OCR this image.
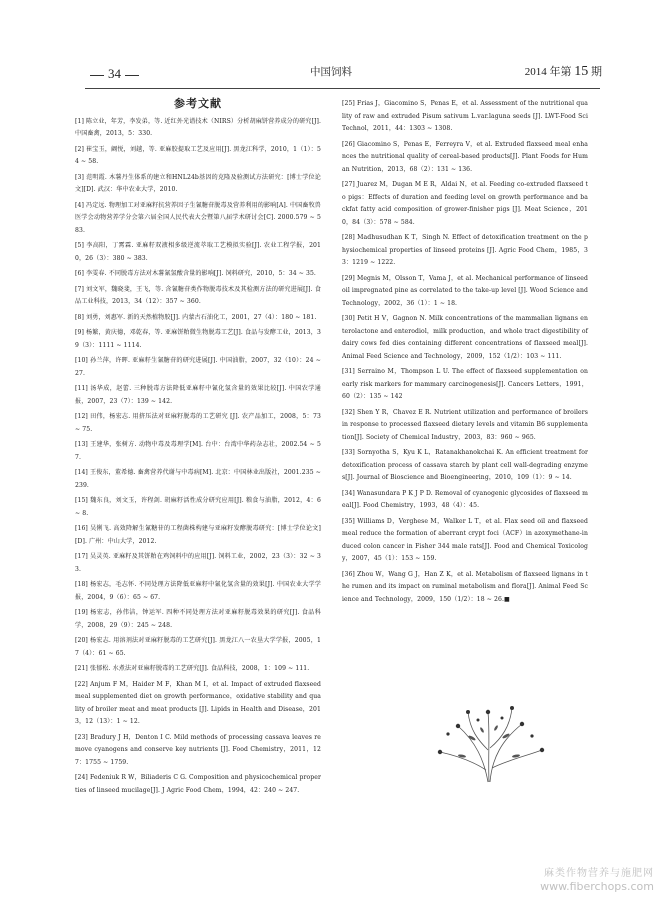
34	中国饲料	2014 年第 15 期
参考文献

[1] 陈立业，年芳，李发弟，等. 近红外光谱技术（NIRS）分析胡麻饼营养成分的研究[J]. 中国畜禽，2013，5：330.

[2] 崔宝玉，阚悦，刘越，等. 亚麻胶提取工艺及应用[J]. 黑龙江科学，2010，1（1）：54 ~ 58.

[3] 范明霞. 木薯丹生体系的建立和HNL24b基因的克隆及验测试方法研究：[博士学位论文][D]. 武汉：华中农业大学，2010.

[4] 冯定远. 物理加工对亚麻籽抗营养因子生氰糖苷脱毒及营养利用的影响[A]. 中国畜牧兽医学会动物营养学分会第六届全国人民代表大会暨第八届学术研讨会[C]. 2000.579 ~ 583.

[5] 李高阳，丁霄霖. 亚麻籽双液相多级逆流萃取工艺模拟实验[J]. 农业工程学报，2010，26（3）：380 ~ 383.

[6] 李雯春. 不同脱毒方法对木薯氰氢酸含量的影响[J]. 饲料研究，2010，5：34 ~ 35.

[7] 刘文军，魏晓斐，王飞，等. 含氰糖苷类作物脱毒技术及其检测方法的研究进展[J]. 食品工业科技，2013，34（12）：357 ~ 360.

[8] 刘勇，刘惠军. 新的天然植物胶[J]. 内蒙古石油化工，2001，27（4）：180 ~ 181.

[9] 杨繁，黄庆德，邓乾春，等. 亚麻饼粕微生物脱毒工艺[J]. 食品与发酵工业，2013，39（3）：1111 ~ 1114.

[10] 孙兰萍，许晖. 亚麻籽生氰糖苷的研究进展[J]. 中国油脂，2007，32（10）：24 ~ 27.

[11] 汤华成，赵蕾. 三种脱毒方法降低亚麻籽中氰化氢含量的效果比较[J]. 中国农学通报，2007，23（7）：139 ~ 142.

[12] 田伟，杨宏志. 用挤压法对亚麻籽脱毒的工艺研究 [J]. 农产品加工，2008，5：73 ~ 75.

[13] 王建华，张树方. 动物中毒及毒理学[M]. 台中：台湾中华药杂志社，2002.54 ~ 57.

[14] 王俊东，董希德. 畜禽营养代谢与中毒病[M]. 北京：中国林业出版社，2001.235 ~ 239.

[15] 魏东良，刘文玉，许程剑. 胡麻籽活性成分研究应用[J]. 粮食与油脂，2012，4：6 ~ 8.

[16] 吴俐飞. 高效降解生氰糖苷的工程菌株构建与亚麻籽发酵脱毒研究：[博士学位论文][D]. 广州：中山大学，2012.

[17] 吴灵英. 亚麻籽及其饼粕在鸡饲料中的应用[J]. 饲料工业，2002，23（3）：32 ~ 33.

[18] 杨宏志，毛志怀. 不同处理方法降低亚麻籽中氰化氢含量的效果[J]. 中国农业大学学报，2004，9（6）：65 ~ 67.

[19] 杨宏志，孙伟洁，钟运军. 四种不同处理方法对亚麻籽脱毒效果的研究[J]. 食品科学，2008，29（9）：245 ~ 248.

[20] 杨宏志. 用溶剂法对亚麻籽脱毒的工艺研究[J]. 黑龙江八一农垦大学学报，2005，17（4）：61 ~ 65.

[21] 张郁松. 水煮法对亚麻籽脱毒的工艺研究[J]. 食品科技，2008，1：109 ~ 111.

[22] Anjum F M，Haider M F，Khan M I，et al. Impact of extruded flaxseed meal supplemented diet on growth performance，oxidative stability and quality of broiler meat and meat products [J]. Lipids in Health and Disease，2013，12（13）：1 ~ 12.

[23] Bradury J H，Denton I C. Mild methods of processing cassava leaves remove cyanogens and conserve key nutrients [J]. Food Chemistry，2011，127：1755 ~ 1759.

[24] Fedeniuk R W，Biliaderis C G. Composition and physicochemical properties of linseed mucilage[J]. J Agric Food Chem，1994，42：240 ~ 247.

[25] Frias J，Giacomino S，Penas E，et al. Assessment of the nutritional quality of raw and extruded Pisum sativum L.var.laguna seeds [J]. LWT-Food Sci Technol，2011，44：1303 ~ 1308.

[26] Giacomino S，Penas E，Ferreyra V，et al. Extruded flaxseed meal enhances the nutritional quality of cereal-based products[J]. Plant Foods for Human Nutrition，2013，68（2）：131 ~ 136.

[27] Juarez M，Dugan M E R，Aldai N，et al. Feeding co-extruded flaxseed to pigs：Effects of duration and feeding level on growth performance and backfat fatty acid composition of grower-finisher pigs [J]. Meat Science，2010，84（3）：578 ~ 584.

[28] Madhusudhan K T，Singh N. Effect of detoxification treatment on the physiochemical properties of linseed proteins [J]. Agric Food Chem，1985，33：1219 ~ 1222.

[29] Megnis M，Olsson T，Vama J，et al. Mechanical performance of linseed oil impregnated pine as correlated to the take-up level [J]. Wood Science and Technology，2002，36（1）：1 ~ 18.

[30] Petit H V，Gagnon N. Milk concentrations of the mammalian lignans enterolactone and enterodiol，milk production，and whole tract digestibility of dairy cows fed dies containing different concentrations of flaxseed meal[J]. Animal Feed Science and Technology，2009，152（1/2）：103 ~ 111.

[31] Serraino M，Thompson L U. The effect of flaxseed supplementation on early risk markers for mammary carcinogenesis[J]. Cancers Letters，1991，60（2）：135 ~ 142

[32] Shen Y R，Chavez E R. Nutrient utilization and performance of broilers in response to processed flaxseed dietary levels and vitamin B6 supplementation[J]. Society of Chemical Industry，2003，83：960 ~ 965.

[33] Sornyotha S，Kyu K L，Ratanakhanokchai K. An efficient treatment for detoxification process of cassava starch by plant cell wall-degrading enzymes[J]. Journal of Bioscience and Bioengineering，2010，109（1）：9 ~ 14.

[34] Wanasundara P K J P D. Removal of cyanogenic glycosides of flaxseed meal[J]. Food Chemistry，1993，48（4）：45.

[35] Williams D，Verghese M，Walker L T，et al. Flax seed oil and flaxseed meal reduce the formation of aberrant crypt foci（ACF）in azoxymethane-induced colon cancer in Fisher 344 male rats[J]. Food and Chemical Toxicology，2007，45（1）：153 ~ 159.

[36] Zhou W，Wang G J，Han Z K，et al. Metabolism of flaxseed lignans in the rumen and its impact on ruminal metabolism and flora[J]. Animal Feed Science and Technology，2009，150（1/2）：18 ~ 26.■

麻类作物营养与施肥网
www.fiberchops.com
